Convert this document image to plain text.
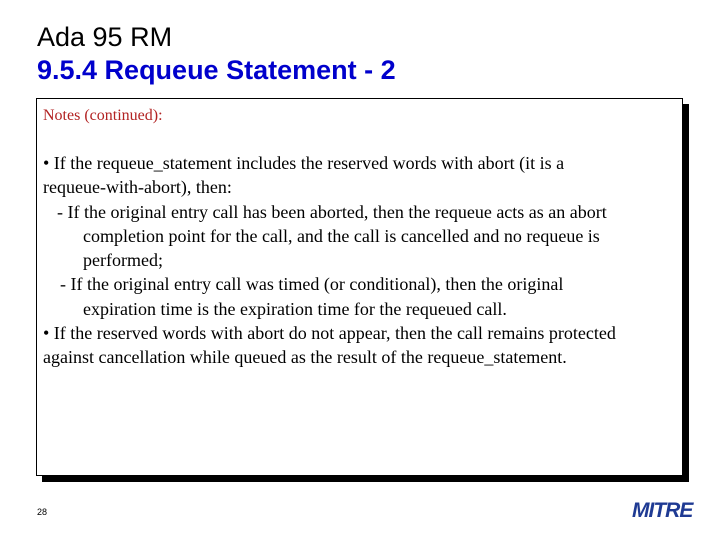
Ada 95 RM
9.5.4 Requeue Statement - 2
Notes (continued):
• If the requeue_statement includes the reserved words with abort (it is a
requeue-with-abort), then:
- If the original entry call has been aborted, then the requeue acts as an abort
completion point for the call, and the call is cancelled and no requeue is
performed;
- If the original entry call was timed (or conditional), then the original
expiration time is the expiration time for the requeued call.
• If the reserved words with abort do not appear, then the call remains protected
against cancellation while queued as the result of the requeue_statement.
28	MITRE
